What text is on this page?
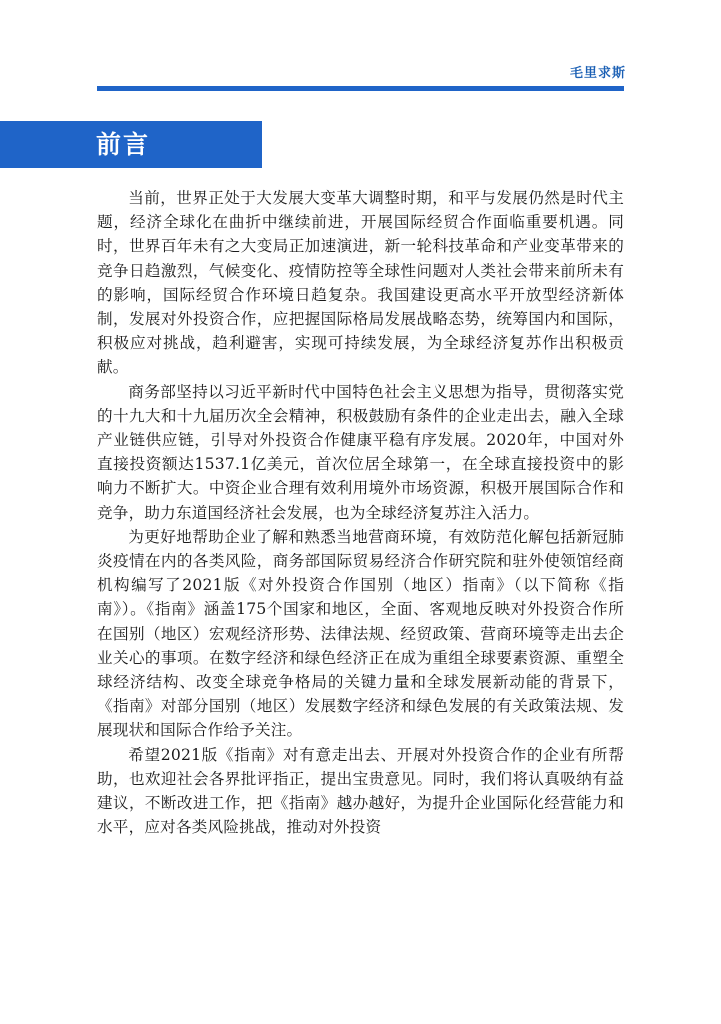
毛里求斯
前言

当前，世界正处于大发展大变革大调整时期，和平与发展仍然是时代主题，经济全球化在曲折中继续前进，开展国际经贸合作面临重要机遇。同时，世界百年未有之大变局正加速演进，新一轮科技革命和产业变革带来的竞争日趋激烈，气候变化、疫情防控等全球性问题对人类社会带来前所未有的影响，国际经贸合作环境日趋复杂。我国建设更高水平开放型经济新体制，发展对外投资合作，应把握国际格局发展战略态势，统筹国内和国际，积极应对挑战，趋利避害，实现可持续发展，为全球经济复苏作出积极贡献。

商务部坚持以习近平新时代中国特色社会主义思想为指导，贯彻落实党的十九大和十九届历次全会精神，积极鼓励有条件的企业走出去，融入全球产业链供应链，引导对外投资合作健康平稳有序发展。2020年，中国对外直接投资额达1537.1亿美元，首次位居全球第一，在全球直接投资中的影响力不断扩大。中资企业合理有效利用境外市场资源，积极开展国际合作和竞争，助力东道国经济社会发展，也为全球经济复苏注入活力。

为更好地帮助企业了解和熟悉当地营商环境，有效防范化解包括新冠肺炎疫情在内的各类风险，商务部国际贸易经济合作研究院和驻外使领馆经商机构编写了2021版《对外投资合作国别（地区）指南》（以下简称《指南》）。《指南》涵盖175个国家和地区，全面、客观地反映对外投资合作所在国别（地区）宏观经济形势、法律法规、经贸政策、营商环境等走出去企业关心的事项。在数字经济和绿色经济正在成为重组全球要素资源、重塑全球经济结构、改变全球竞争格局的关键力量和全球发展新动能的背景下，《指南》对部分国别（地区）发展数字经济和绿色发展的有关政策法规、发展现状和国际合作给予关注。

希望2021版《指南》对有意走出去、开展对外投资合作的企业有所帮助，也欢迎社会各界批评指正，提出宝贵意见。同时，我们将认真吸纳有益建议，不断改进工作，把《指南》越办越好，为提升企业国际化经营能力和水平，应对各类风险挑战，推动对外投资
